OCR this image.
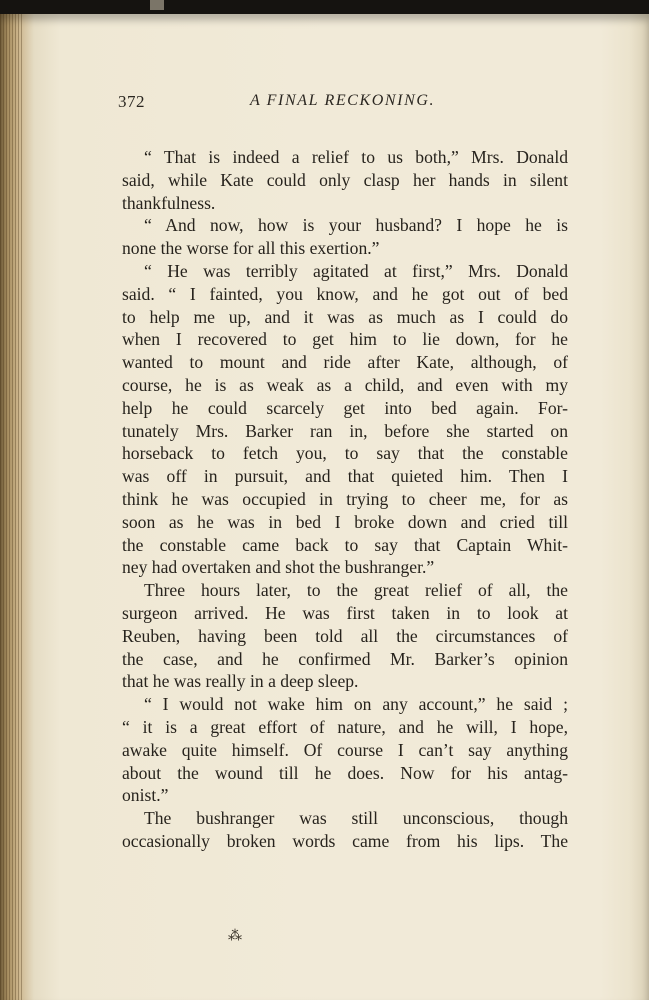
372	A FINAL RECKONING.
“ That is indeed a relief to us both,” Mrs. Donald
said, while Kate could only clasp her hands in silent
thankfulness.
“ And now, how is your husband? I hope he is
none the worse for all this exertion.”
“ He was terribly agitated at first,” Mrs. Donald
said. “ I fainted, you know, and he got out of bed
to help me up, and it was as much as I could do
when I recovered to get him to lie down, for he
wanted to mount and ride after Kate, although, of
course, he is as weak as a child, and even with my
help he could scarcely get into bed again. For-
tunately Mrs. Barker ran in, before she started on
horseback to fetch you, to say that the constable
was off in pursuit, and that quieted him. Then I
think he was occupied in trying to cheer me, for as
soon as he was in bed I broke down and cried till
the constable came back to say that Captain Whit-
ney had overtaken and shot the bushranger.”
Three hours later, to the great relief of all, the
surgeon arrived. He was first taken in to look at
Reuben, having been told all the circumstances of
the case, and he confirmed Mr. Barker’s opinion
that he was really in a deep sleep.
“ I would not wake him on any account,” he said ;
“ it is a great effort of nature, and he will, I hope,
awake quite himself. Of course I can’t say anything
about the wound till he does. Now for his antag-
onist.”
The bushranger was still unconscious, though
occasionally broken words came from his lips. The
⁂
